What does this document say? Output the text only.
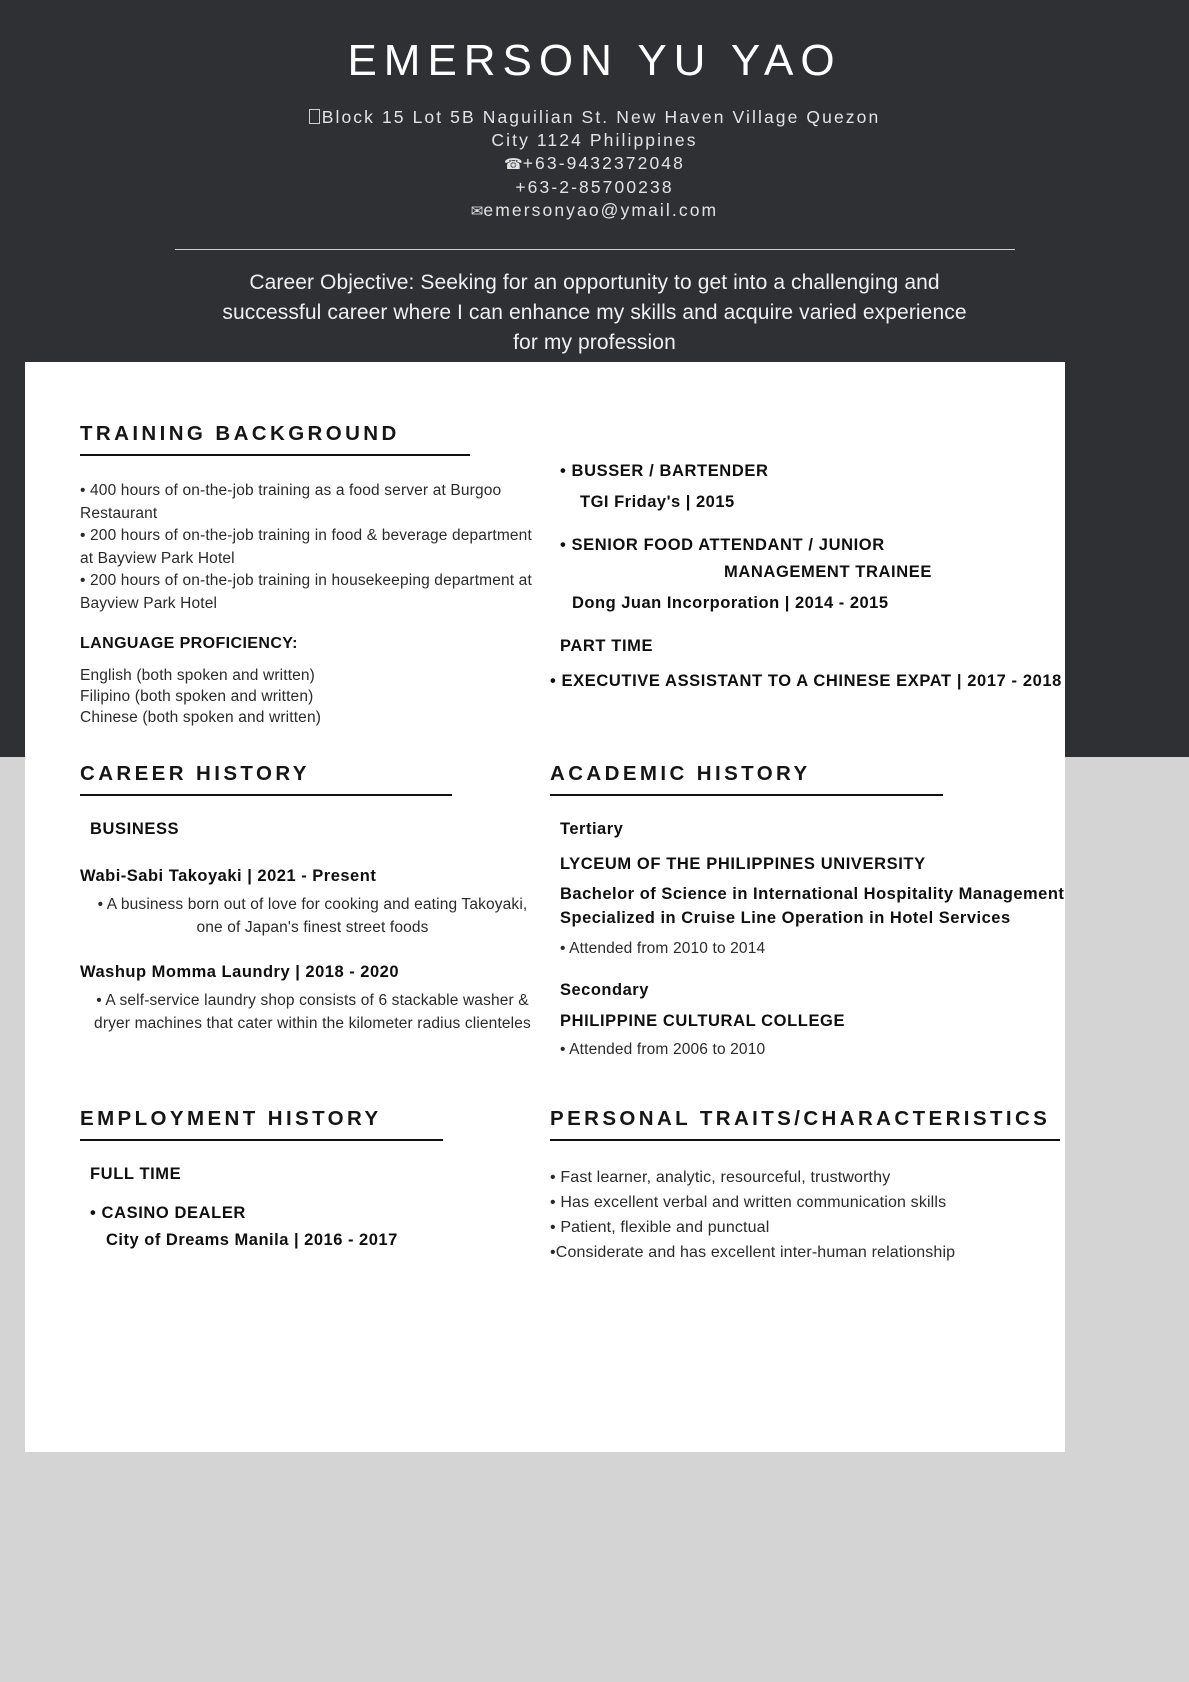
EMERSON YU YAO
Block 15 Lot 5B Naguilian St. New Haven Village Quezon
City 1124 Philippines
☎+63-9432372048
+63-2-85700238
✉emersonyao@ymail.com

Career Objective: Seeking for an opportunity to get into a challenging and successful career where I can enhance my skills and acquire varied experience for my profession

TRAINING BACKGROUND
• 400 hours of on-the-job training as a food server at Burgoo Restaurant
• 200 hours of on-the-job training in food & beverage department at Bayview Park Hotel
• 200 hours of on-the-job training in housekeeping department at Bayview Park Hotel
LANGUAGE PROFICIENCY:
English (both spoken and written)
Filipino (both spoken and written)
Chinese (both spoken and written)
• BUSSER / BARTENDER
TGI Friday's | 2015
• SENIOR FOOD ATTENDANT / JUNIOR
MANAGEMENT TRAINEE
Dong Juan Incorporation | 2014 - 2015
PART TIME
• EXECUTIVE ASSISTANT TO A CHINESE EXPAT | 2017 - 2018
CAREER HISTORY
BUSINESS
Wabi-Sabi Takoyaki | 2021 - Present
• A business born out of love for cooking and eating Takoyaki, one of Japan's finest street foods
Washup Momma Laundry | 2018 - 2020
• A self-service laundry shop consists of 6 stackable washer & dryer machines that cater within the kilometer radius clienteles
ACADEMIC HISTORY
Tertiary
LYCEUM OF THE PHILIPPINES UNIVERSITY
Bachelor of Science in International Hospitality Management Specialized in Cruise Line Operation in Hotel Services
• Attended from 2010 to 2014
Secondary
PHILIPPINE CULTURAL COLLEGE
• Attended from 2006 to 2010
EMPLOYMENT HISTORY
FULL TIME
• CASINO DEALER
City of Dreams Manila | 2016 - 2017
PERSONAL TRAITS/CHARACTERISTICS
• Fast learner, analytic, resourceful, trustworthy
• Has excellent verbal and written communication skills
• Patient, flexible and punctual
•Considerate and has excellent inter-human relationship
